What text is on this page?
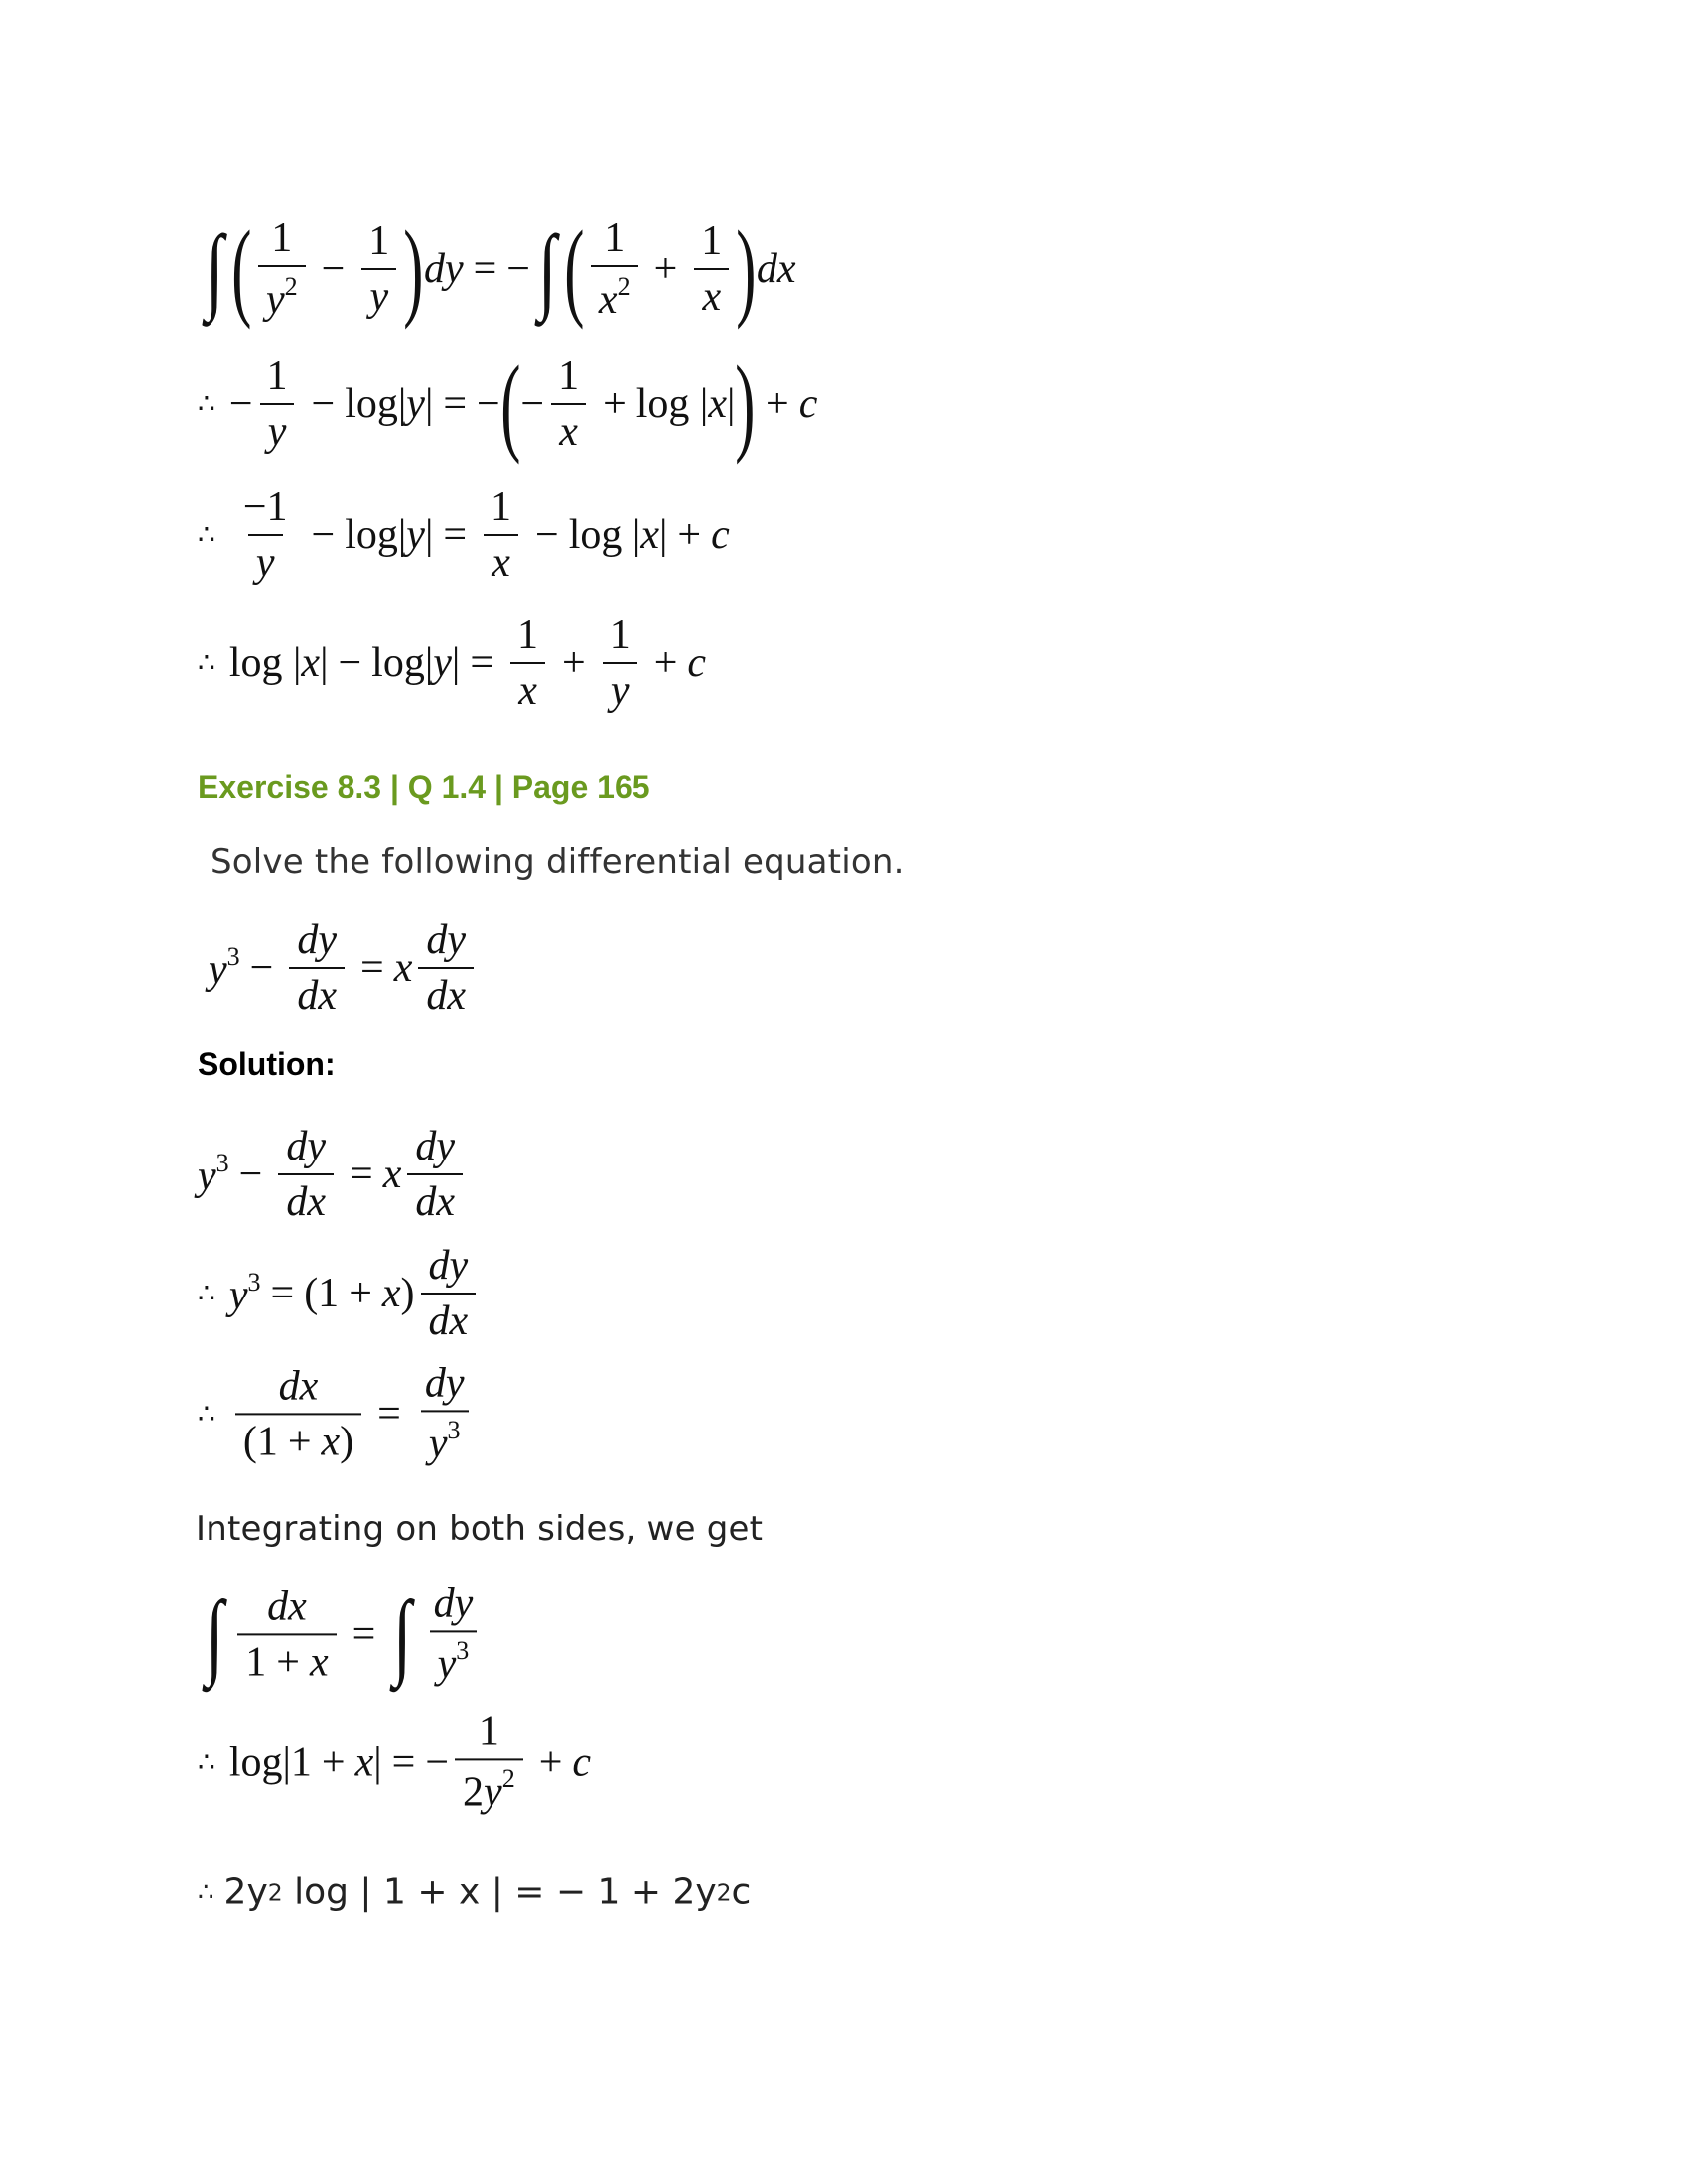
∫ ( $\frac{1}{y^2} - \frac{1}{y}$ ) dy = − ∫ ( $\frac{1}{x^2} + \frac{1}{x}$ ) dx
∴ − $\frac{1}{y} - \log|$ y | = − ( − $\frac{1}{x} + \log$ | x | ) + c
∴ $\frac{-1}{y} - \log|$ y | = $\frac{1}{x} - \log$ | x | + c
∴ log | x | − log| y | = $\frac{1}{x} + \frac{1}{y} + c$
Exercise 8.3 | Q 1.4 | Page 165
Solve the following differential equation.
$y^3 - \frac{dy}{dx} = x \frac{dy}{dx}$
Solution:
$y^3 - \frac{dy}{dx} = x \frac{dy}{dx}$
∴ $y^3 = (1 + x$ ) $\frac{dy}{dx}$
∴ $\frac{dx}{(1 + x)} = \frac{dy}{y^3}$
Integrating on both sides, we get
∫ $\frac{dx}{1 + x}$ = ∫ $\frac{dy}{y^3}$
∴ log|1 + x | = − $\frac{1}{2y^2} + c$
∴ 2y 2 log | 1 + x | = − 1 + 2y 2 c
